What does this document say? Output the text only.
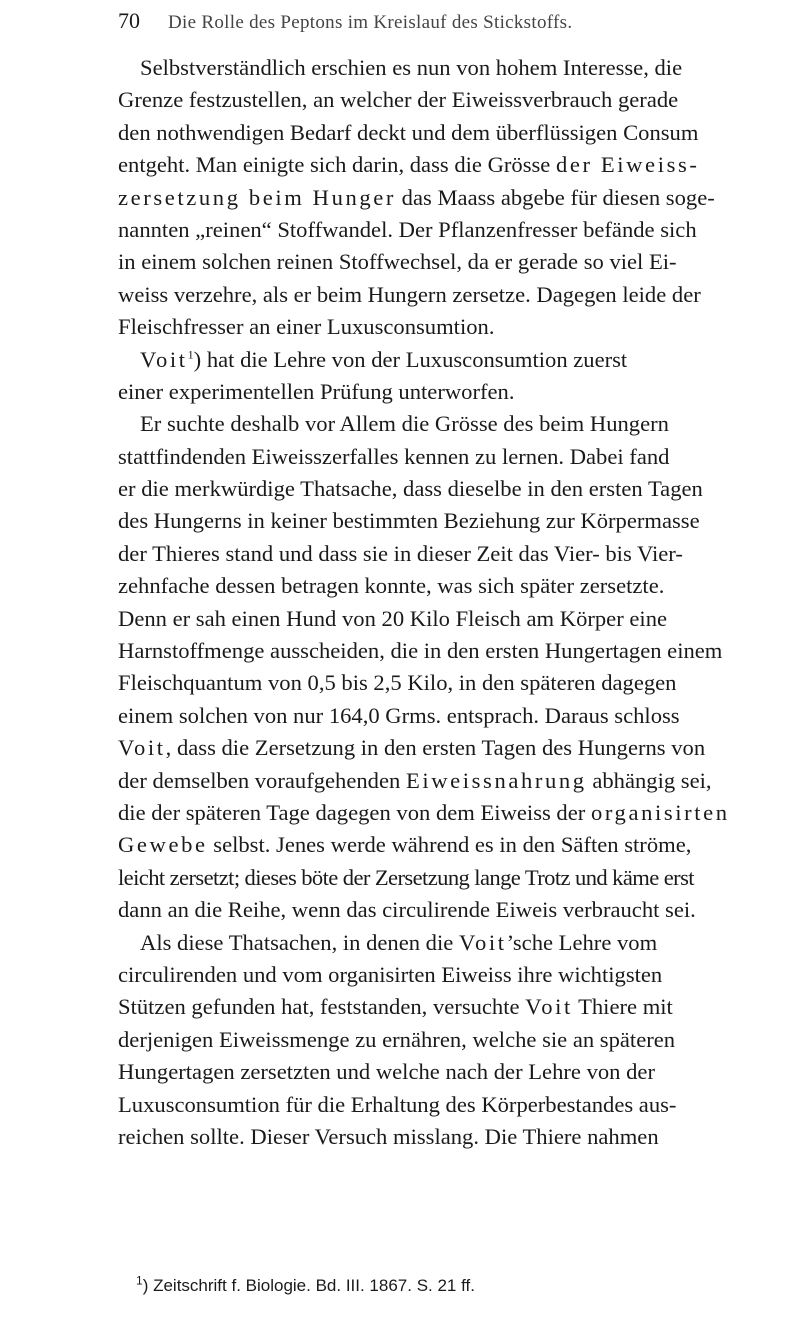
70	Die Rolle des Peptons im Kreislauf des Stickstoffs.
Selbstverständlich erschien es nun von hohem Interesse, die
Grenze festzustellen, an welcher der Eiweissverbrauch gerade
den nothwendigen Bedarf deckt und dem überflüssigen Consum
entgeht. Man einigte sich darin, dass die Grösse der Eiweiss-
zersetzung beim Hunger das Maass abgebe für diesen soge-
nannten „reinen“ Stoffwandel. Der Pflanzenfresser befände sich
in einem solchen reinen Stoffwechsel, da er gerade so viel Ei-
weiss verzehre, als er beim Hungern zersetze. Dagegen leide der
Fleischfresser an einer Luxusconsumtion.
Voit$^1$) hat die Lehre von der Luxusconsumtion zuerst
einer experimentellen Prüfung unterworfen.
Er suchte deshalb vor Allem die Grösse des beim Hungern
stattfindenden Eiweisszerfalles kennen zu lernen. Dabei fand
er die merkwürdige Thatsache, dass dieselbe in den ersten Tagen
des Hungerns in keiner bestimmten Beziehung zur Körpermasse
der Thieres stand und dass sie in dieser Zeit das Vier- bis Vier-
zehnfache dessen betragen konnte, was sich später zersetzte.
Denn er sah einen Hund von 20 Kilo Fleisch am Körper eine
Harnstoffmenge ausscheiden, die in den ersten Hungertagen einem
Fleischquantum von 0,5 bis 2,5 Kilo, in den späteren dagegen
einem solchen von nur 164,0 Grms. entsprach. Daraus schloss
Voit, dass die Zersetzung in den ersten Tagen des Hungerns von
der demselben voraufgehenden Eiweissnahrung abhängig sei,
die der späteren Tage dagegen von dem Eiweiss der organisirten
Gewebe selbst. Jenes werde während es in den Säften ströme,
leicht zersetzt; dieses böte der Zersetzung lange Trotz und käme erst
dann an die Reihe, wenn das circulirende Eiweis verbraucht sei.
Als diese Thatsachen, in denen die Voit’sche Lehre vom
circulirenden und vom organisirten Eiweiss ihre wichtigsten
Stützen gefunden hat, feststanden, versuchte Voit Thiere mit
derjenigen Eiweissmenge zu ernähren, welche sie an späteren
Hungertagen zersetzten und welche nach der Lehre von der
Luxusconsumtion für die Erhaltung des Körperbestandes aus-
reichen sollte. Dieser Versuch misslang. Die Thiere nahmen
$^1$) Zeitschrift f. Biologie. Bd. III. 1867. S. 21 ff.
